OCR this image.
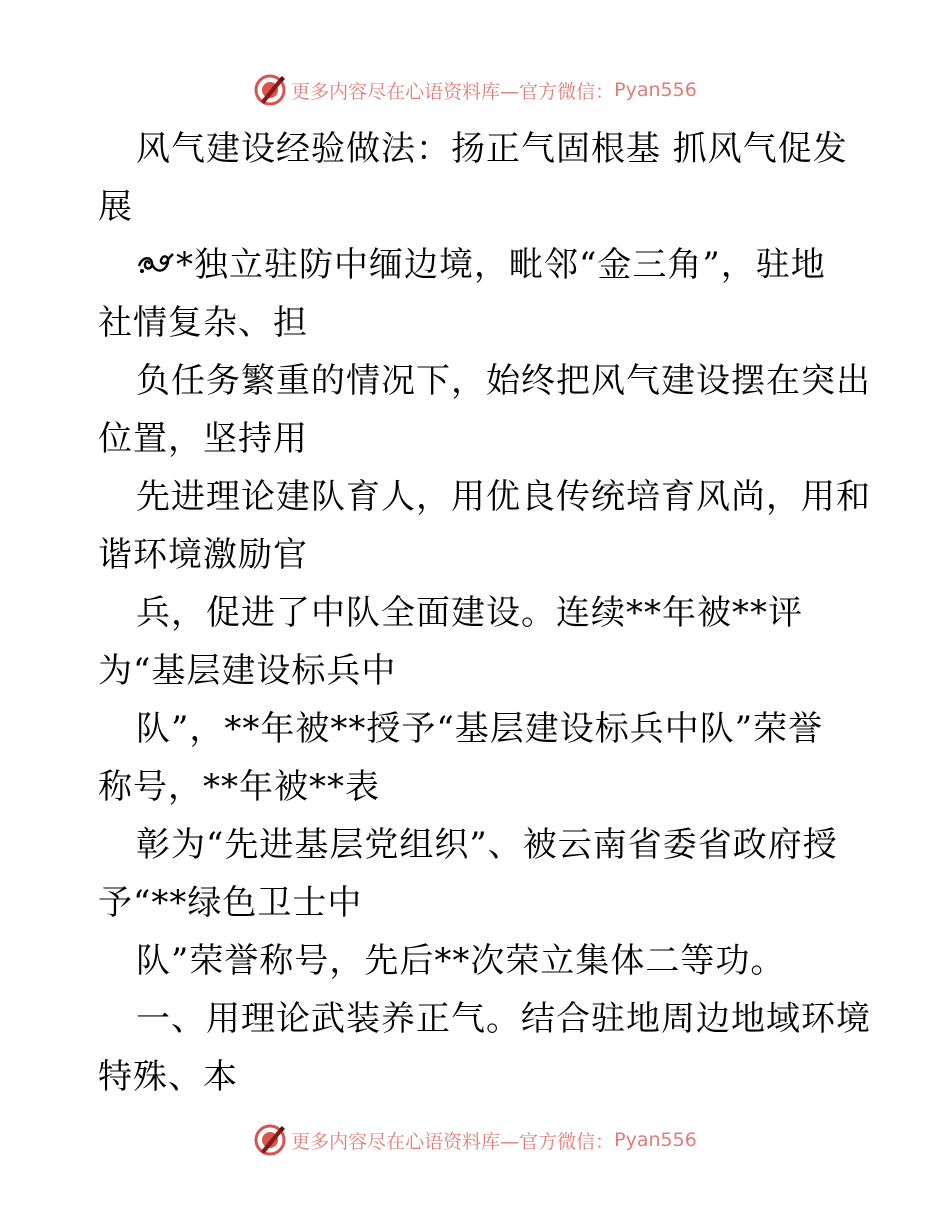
更多内容尽在心语资料库—官方微信： Pyan556
风气建设经验做法：扬正气固根基 抓风气促发
展
*独立驻防中缅边境，毗邻“金三角”，驻地
社情复杂、担
负任务繁重的情况下，始终把风气建设摆在突出
位置，坚持用
先进理论建队育人，用优良传统培育风尚，用和
谐环境激励官
兵，促进了中队全面建设。连续**年被**评
为“基层建设标兵中
队”，**年被**授予“基层建设标兵中队”荣誉
称号，**年被**表
彰为“先进基层党组织”、被云南省委省政府授
予“**绿色卫士中
队”荣誉称号，先后**次荣立集体二等功。
一、用理论武装养正气。结合驻地周边地域环境
特殊、本
更多内容尽在心语资料库—官方微信： Pyan556
